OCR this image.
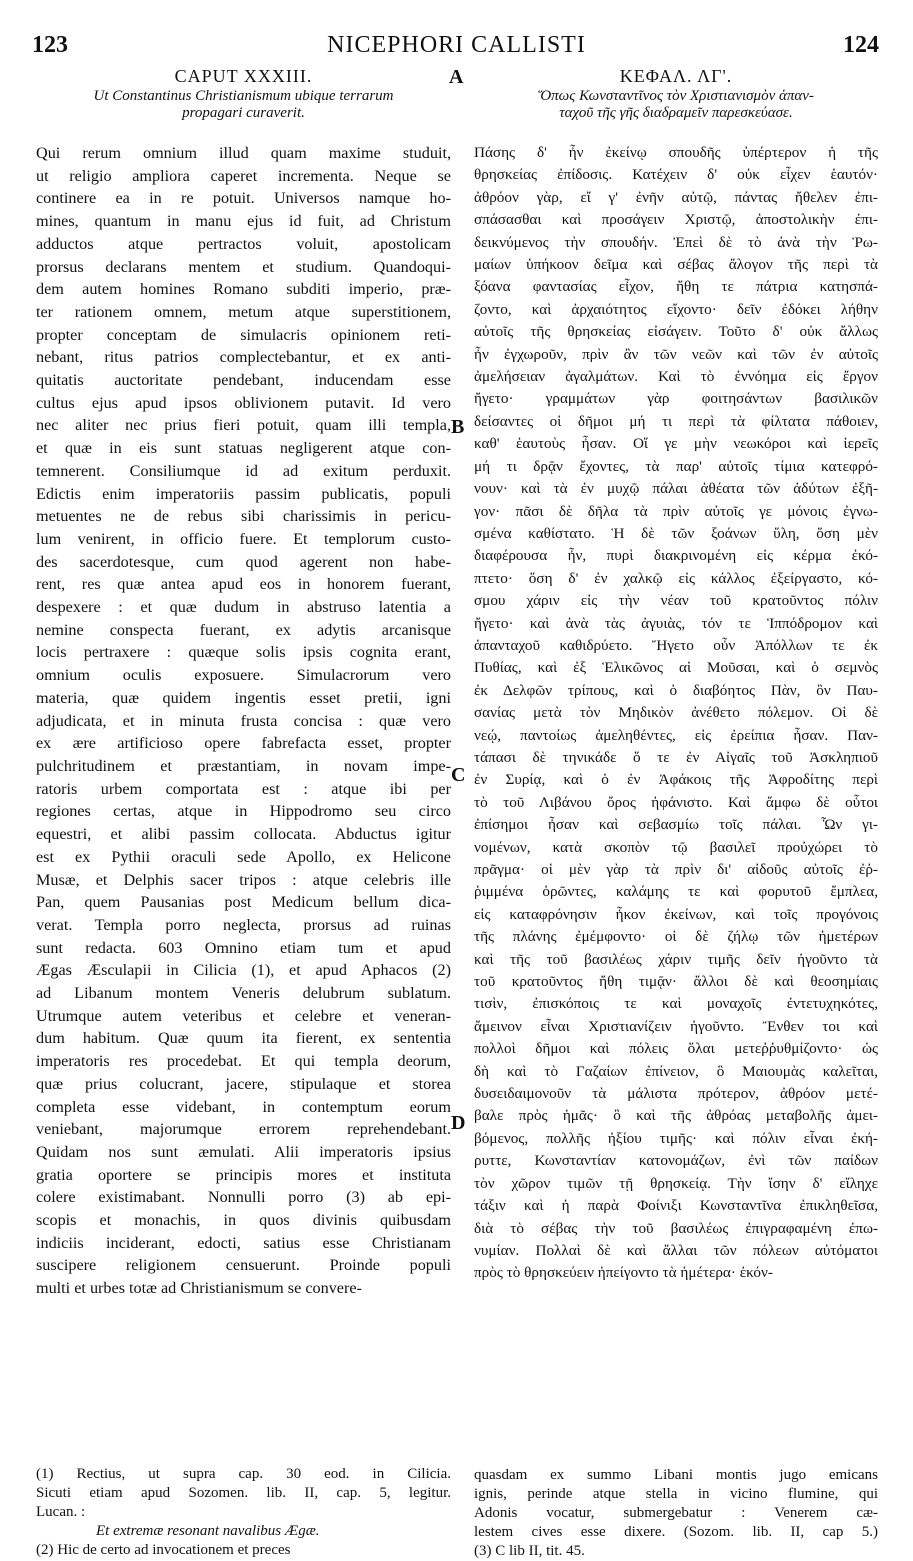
123	NICEPHORI CALLISTI	124
A
B
C
D
CAPUT XXXIII.
Ut Constantinus Christianismum ubique terrarum
propagari curaverit.
Qui rerum omnium illud quam maxime studuit,
ut religio ampliora caperet incrementa. Neque se
continere ea in re potuit. Universos namque ho-
mines, quantum in manu ejus id fuit, ad Christum
adductos atque pertractos voluit, apostolicam
prorsus declarans mentem et studium. Quandoqui-
dem autem homines Romano subditi imperio, præ-
ter rationem omnem, metum atque superstitionem,
propter conceptam de simulacris opinionem reti-
nebant, ritus patrios complectebantur, et ex anti-
quitatis auctoritate pendebant, inducendam esse
cultus ejus apud ipsos oblivionem putavit. Id vero
nec aliter nec prius fieri potuit, quam illi templa,
et quæ in eis sunt statuas negligerent atque con-
temnerent. Consiliumque id ad exitum perduxit.
Edictis enim imperatoriis passim publicatis, populi
metuentes ne de rebus sibi charissimis in pericu-
lum venirent, in officio fuere. Et templorum custo-
des sacerdotesque, cum quod agerent non habe-
rent, res quæ antea apud eos in honorem fuerant,
despexere : et quæ dudum in abstruso latentia a
nemine conspecta fuerant, ex adytis arcanisque
locis pertraxere : quæque solis ipsis cognita erant,
omnium oculis exposuere. Simulacrorum vero
materia, quæ quidem ingentis esset pretii, igni
adjudicata, et in minuta frusta concisa : quæ vero
ex ære artificioso opere fabrefacta esset, propter
pulchritudinem et præstantiam, in novam impe-
ratoris urbem comportata est : atque ibi per
regiones certas, atque in Hippodromo seu circo
equestri, et alibi passim collocata. Abductus igitur
est ex Pythii oraculi sede Apollo, ex Helicone
Musæ, et Delphis sacer tripos : atque celebris ille
Pan, quem Pausanias post Medicum bellum dica-
verat. Templa porro neglecta, prorsus ad ruinas
sunt redacta. 603 Omnino etiam tum et apud
Ægas Æsculapii in Cilicia (1), et apud Aphacos (2)
ad Libanum montem Veneris delubrum sublatum.
Utrumque autem veteribus et celebre et veneran-
dum habitum. Quæ quum ita fierent, ex sententia
imperatoris res procedebat. Et qui templa deorum,
quæ prius colucrant, jacere, stipulaque et storea
completa esse videbant, in contemptum eorum
veniebant, majorumque errorem reprehendebant.
Quidam nos sunt æmulati. Alii imperatoris ipsius
gratia oportere se principis mores et instituta
colere existimabant. Nonnulli porro (3) ab epi-
scopis et monachis, in quos divinis quibusdam
indiciis inciderant, edocti, satius esse Christianam
suscipere religionem censuerunt. Proinde populi
multi et urbes totæ ad Christianismum se convere-
ΚΕΦΑΛ. ΛΓ'.
Ὅπως Κωνσταντῖνος τὸν Χριστιανισμὸν ἁπαν-
ταχοῦ τῆς γῆς διαδραμεῖν παρεσκεύασε.
Πάσης δ' ἦν ἐκείνῳ σπουδῆς ὑπέρτερον ἡ τῆς
θρησκείας ἐπίδοσις. Κατέχειν δ' οὐκ εἶχεν ἑαυτόν·
ἀθρόον γὰρ, εἴ γ' ἐνῆν αὐτῷ, πάντας ἤθελεν ἐπι-
σπάσασθαι καὶ προσάγειν Χριστῷ, ἀποστολικὴν ἐπι-
δεικνύμενος τὴν σπουδήν. Ἐπεὶ δὲ τὸ ἀνὰ τὴν Ῥω-
μαίων ὑπήκοον δεῖμα καὶ σέβας ἄλογον τῆς περὶ τὰ
ξόανα φαντασίας εἶχον, ἤθη τε πάτρια κατησπά-
ζοντο, καὶ ἀρχαιότητος εἴχοντο· δεῖν ἐδόκει λήθην
αὐτοῖς τῆς θρησκείας εἰσάγειν. Τοῦτο δ' οὐκ ἄλλως
ἦν ἐγχωροῦν, πρὶν ἂν τῶν νεῶν καὶ τῶν ἐν αὐτοῖς
ἀμελήσειαν ἀγαλμάτων. Καὶ τὸ ἐννόημα εἰς ἔργον
ἤγετο· γραμμάτων γὰρ φοιτησάντων βασιλικῶν
δείσαντες οἱ δῆμοι μή τι περὶ τὰ φίλτατα πάθοιεν,
καθ' ἑαυτοὺς ἦσαν. Οἵ γε μὴν νεωκόροι καὶ ἱερεῖς
μή τι δρᾷν ἔχοντες, τὰ παρ' αὐτοῖς τίμια κατεφρό-
νουν· καὶ τὰ ἐν μυχῷ πάλαι ἀθέατα τῶν ἀδύτων ἐξῆ-
γον· πᾶσι δὲ δῆλα τὰ πρὶν αὐτοῖς γε μόνοις ἐγνω-
σμένα καθίστατο. Ἡ δὲ τῶν ξοάνων ὕλη, ὅση μὲν
διαφέρουσα ἦν, πυρὶ διακρινομένη εἰς κέρμα ἐκό-
πτετο· ὅση δ' ἐν χαλκῷ εἰς κάλλος ἐξείργαστο, κό-
σμου χάριν εἰς τὴν νέαν τοῦ κρατοῦντος πόλιν
ἤγετο· καὶ ἀνὰ τὰς ἀγυιὰς, τόν τε Ἱππόδρομον καὶ
ἁπανταχοῦ καθιδρύετο. Ἤγετο οὖν Ἀπόλλων τε ἐκ
Πυθίας, καὶ ἐξ Ἑλικῶνος αἱ Μοῦσαι, καὶ ὁ σεμνὸς
ἐκ Δελφῶν τρίπους, καὶ ὁ διαβόητος Πὰν, ὃν Παυ-
σανίας μετὰ τὸν Μηδικὸν ἀνέθετο πόλεμον. Οἱ δὲ
νεῴ, παντοίως ἀμεληθέντες, εἰς ἐρείπια ἦσαν. Παν-
τάπασι δὲ τηνικάδε ὅ τε ἐν Αἰγαῖς τοῦ Ἀσκληπιοῦ
ἐν Συρίᾳ, καὶ ὁ ἐν Ἀφάκοις τῆς Ἀφροδίτης περὶ
τὸ τοῦ Λιβάνου ὄρος ἠφάνιστο. Καὶ ἄμφω δὲ οὗτοι
ἐπίσημοι ἦσαν καὶ σεβασμίω τοῖς πάλαι. Ὧν γι-
νομένων, κατὰ σκοπὸν τῷ βασιλεῖ προὐχώρει τὸ
πρᾶγμα· οἱ μὲν γὰρ τὰ πρὶν δι' αἰδοῦς αὐτοῖς ἐῤ-
ῥιμμένα ὁρῶντες, καλάμης τε καὶ φορυτοῦ ἔμπλεα,
εἰς καταφρόνησιν ἧκον ἐκείνων, καὶ τοῖς προγόνοις
τῆς πλάνης ἐμέμφοντο· οἱ δὲ ζήλῳ τῶν ἡμετέρων
καὶ τῆς τοῦ βασιλέως χάριν τιμῆς δεῖν ἡγοῦντο τὰ
τοῦ κρατοῦντος ἤθη τιμᾷν· ἄλλοι δὲ καὶ θεοσημίαις
τισὶν, ἐπισκόποις τε καὶ μοναχοῖς ἐντετυχηκότες,
ἄμεινον εἶναι Χριστιανίζειν ἡγοῦντο. Ἔνθεν τοι καὶ
πολλοὶ δῆμοι καὶ πόλεις ὅλαι μετεῤῥυθμίζοντο· ὡς
δὴ καὶ τὸ Γαζαίων ἐπίνειον, ὃ Μαιουμὰς καλεῖται,
δυσειδαιμονοῦν τὰ μάλιστα πρότερον, ἀθρόον μετέ-
βαλε πρὸς ἡμᾶς· ὃ καὶ τῆς ἀθρόας μεταβολῆς ἀμει-
βόμενος, πολλῆς ἠξίου τιμῆς· καὶ πόλιν εἶναι ἐκή-
ρυττε, Κωνσταντίαν κατονομάζων, ἐνὶ τῶν παίδων
τὸν χῶρον τιμῶν τῇ θρησκείᾳ. Τὴν ἴσην δ' εἴληχε
τάξιν καὶ ἡ παρὰ Φοίνιξι Κωνσταντῖνα ἐπικληθεῖσα,
διὰ τὸ σέβας τὴν τοῦ βασιλέως ἐπιγραφαμένη ἐπω-
νυμίαν. Πολλαὶ δὲ καὶ ἄλλαι τῶν πόλεων αὐτόματοι
πρὸς τὸ θρησκεύειν ἠπείγοντο τὰ ἡμέτερα· ἑκόν-
(1) Rectius, ut supra cap. 30 eod. in Cilicia.
Sicuti etiam apud Sozomen. lib. II, cap. 5, legitur.
Lucan. :
Et extremæ resonant navalibus Ægæ.
(2) Hic de certo ad invocationem et preces
quasdam ex summo Libani montis jugo emicans
ignis, perinde atque stella in vicino flumine, qui
Adonis vocatur, submergebatur : Venerem cæ-
lestem cives esse dixere. (Sozom. lib. II, cap 5.)
(3) C lib II, tit. 45.
